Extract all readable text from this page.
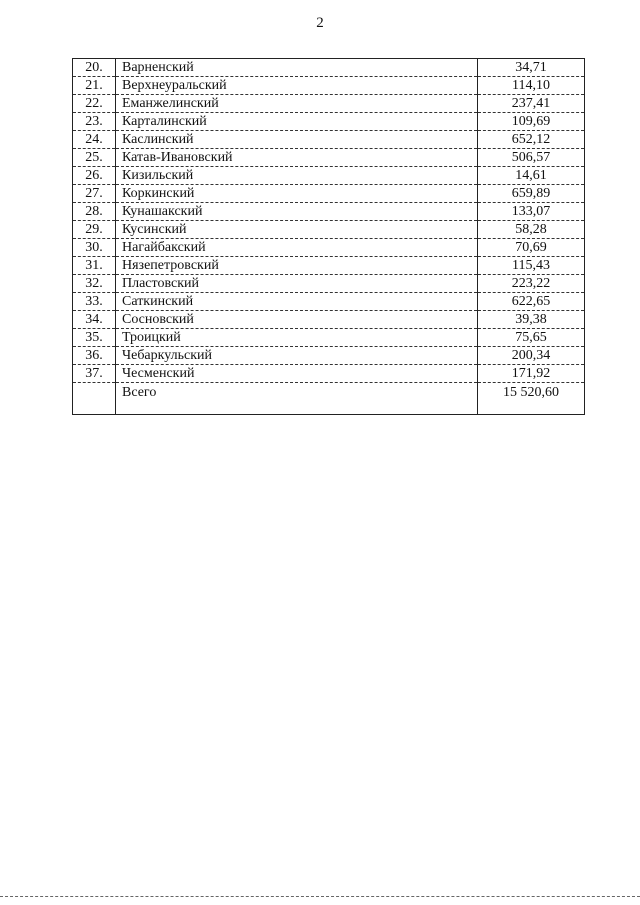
2
20.	Варненский	34,71
21.	Верхнеуральский	114,10
22.	Еманжелинский	237,41
23.	Карталинский	109,69
24.	Каслинский	652,12
25.	Катав-Ивановский	506,57
26.	Кизильский	14,61
27.	Коркинский	659,89
28.	Кунашакский	133,07
29.	Кусинский	58,28
30.	Нагайбакский	70,69
31.	Нязепетровский	115,43
32.	Пластовский	223,22
33.	Саткинский	622,65
34.	Сосновский	39,38
35.	Троицкий	75,65
36.	Чебаркульский	200,34
37.	Чесменский	171,92
	Всего	15 520,60
